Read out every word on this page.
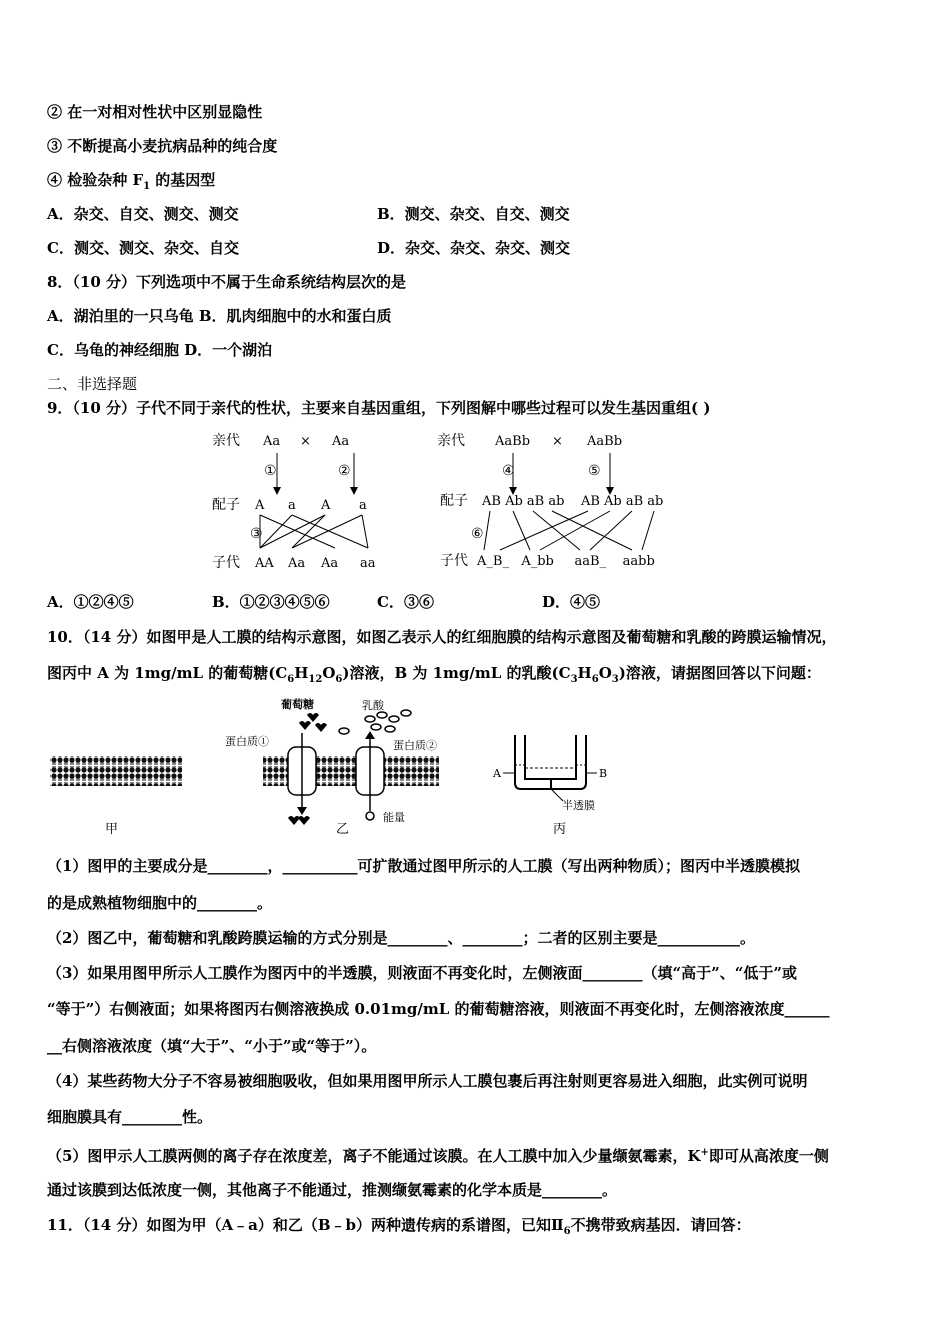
② 在一对相对性状中区别显隐性
③ 不断提高小麦抗病品种的纯合度
④ 检验杂种 $F_1$ 的基因型
A．杂交、自交、测交、测交	B．测交、杂交、自交、测交
C．测交、测交、杂交、自交	D．杂交、杂交、杂交、测交
8．（10 分）下列选项中不属于生命系统结构层次的是
A．湖泊里的一只乌龟 B．肌肉细胞中的水和蛋白质
C．乌龟的神经细胞 D．一个湖泊
二、非选择题
9．（10 分）子代不同于亲代的性状，主要来自基因重组，下列图解中哪些过程可以发生基因重组( )
亲代 Aa × Aa
①	②
配子 A a A a
③
子代 AA Aa Aa aa
亲代 AaBb × AaBb
④	⑤
配子 AB Ab aB ab    AB Ab aB ab
⑥
子代 A_B_   A_bb     aaB_    aabb
A．①②④⑤	B．①②③④⑤⑥	C．③⑥	D．④⑤
10．（14 分）如图甲是人工膜的结构示意图，如图乙表示人的红细胞膜的结构示意图及葡萄糖和乳酸的跨膜运输情况，
图丙中 A 为 1mg/mL 的葡萄糖$(C_6H_{12}O_6)$溶液，B 为 1mg/mL 的乳酸$(C_3H_6O_3)$溶液，请据图回答以下问题：
甲
葡萄糖	乳酸
蛋白质①	蛋白质②
能量
乙
A	B
半透膜
丙
（1）图甲的主要成分是________，__________可扩散通过图甲所示的人工膜（写出两种物质）；图丙中半透膜模拟
的是成熟植物细胞中的________。
（2）图乙中，葡萄糖和乳酸跨膜运输的方式分别是________、________；二者的区别主要是___________。
（3）如果用图甲所示人工膜作为图丙中的半透膜，则液面不再变化时，左侧液面________（填“高于”、“低于”或
“等于”）右侧液面；如果将图丙右侧溶液换成 0.01mg/mL 的葡萄糖溶液，则液面不再变化时，左侧溶液浓度______
__右侧溶液浓度（填“大于”、“小于”或“等于”）。
（4）某些药物大分子不容易被细胞吸收，但如果用图甲所示人工膜包裹后再注射则更容易进入细胞，此实例可说明
细胞膜具有________性。
（5）图甲示人工膜两侧的离子存在浓度差，离子不能通过该膜。在人工膜中加入少量缬氨霉素，K+即可从高浓度一侧
通过该膜到达低浓度一侧，其他离子不能通过，推测缬氨霉素的化学本质是________。
11．（14 分）如图为甲（A﹣a）和乙（B﹣b）两种遗传病的系谱图，已知$Ⅱ_6$不携带致病基因．请回答：
